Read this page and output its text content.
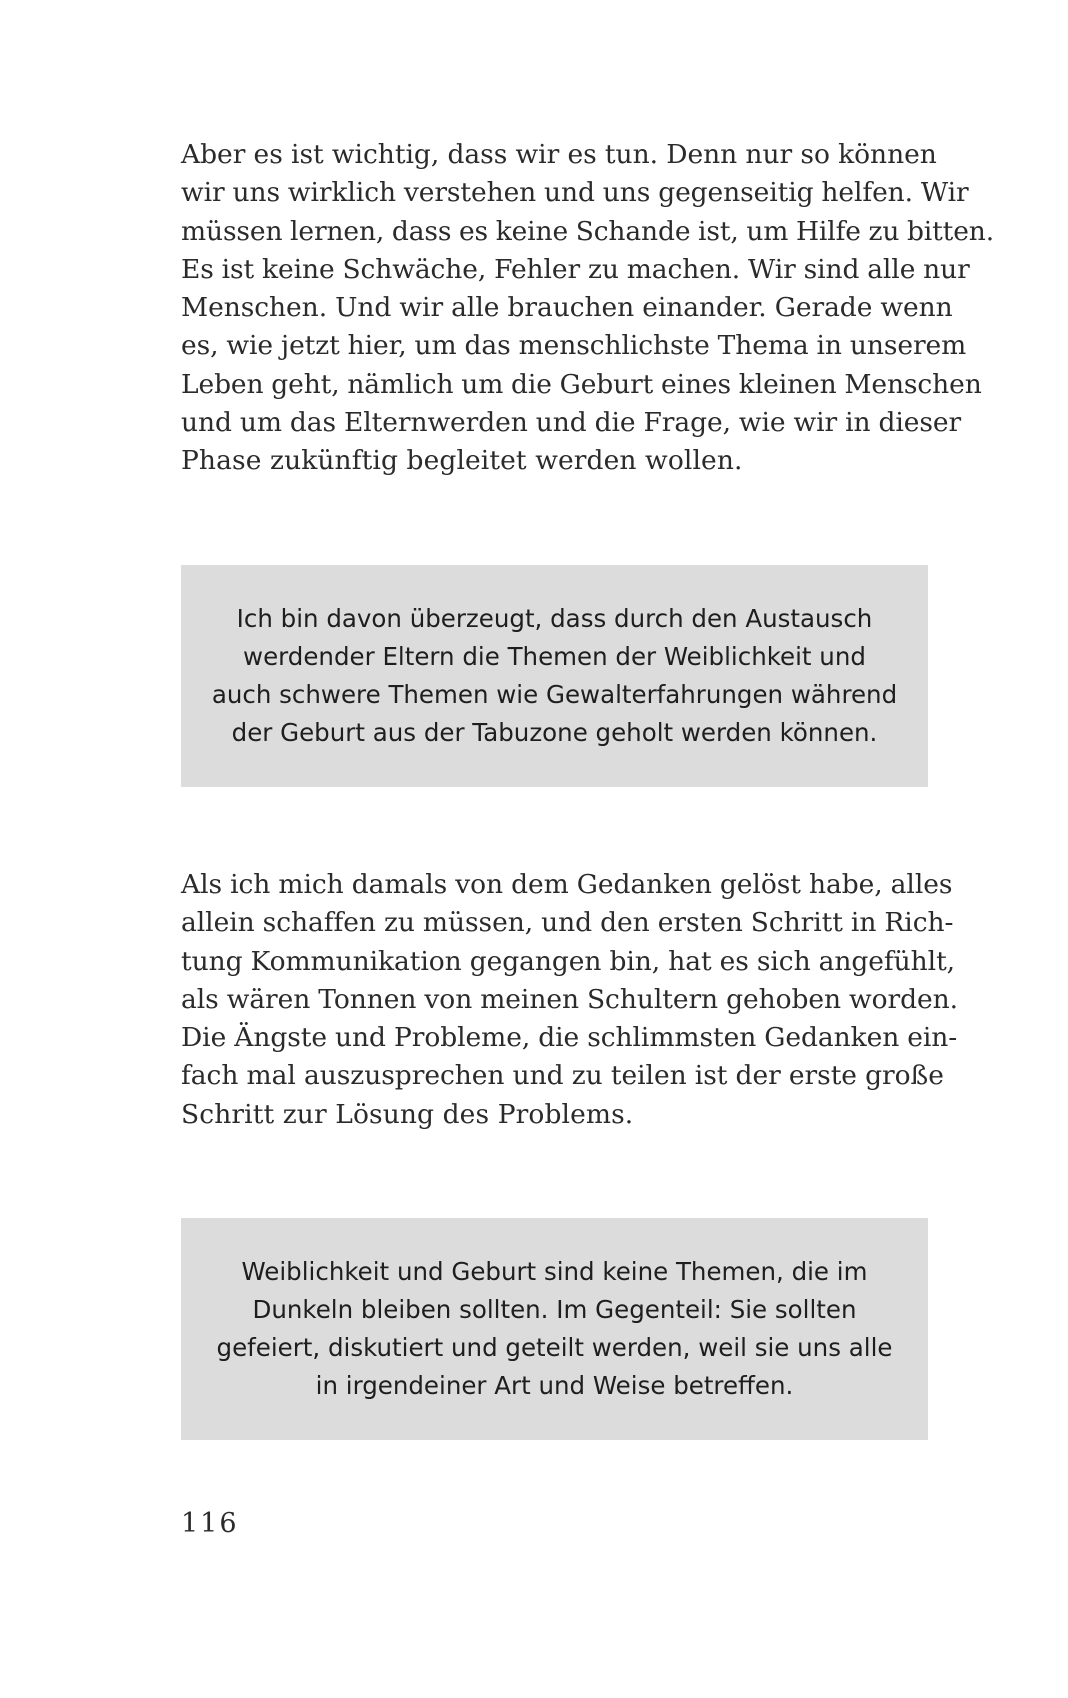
Aber es ist wichtig, dass wir es tun. Denn nur so können
wir uns wirklich verstehen und uns gegenseitig helfen. Wir
müssen lernen, dass es keine Schande ist, um Hilfe zu bitten.
Es ist keine Schwäche, Fehler zu machen. Wir sind alle nur
Menschen. Und wir alle brauchen einander. Gerade wenn
es, wie jetzt hier, um das menschlichste Thema in unserem
Leben geht, nämlich um die Geburt eines kleinen Menschen
und um das Elternwerden und die Frage, wie wir in dieser
Phase zukünftig begleitet werden wollen.

Ich bin davon überzeugt, dass durch den Austausch
werdender Eltern die Themen der Weiblichkeit und
auch schwere Themen wie Gewalterfahrungen während
der Geburt aus der Tabuzone geholt werden können.

Als ich mich damals von dem Gedanken gelöst habe, alles
allein schaffen zu müssen, und den ersten Schritt in Rich-
tung Kommunikation gegangen bin, hat es sich angefühlt,
als wären Tonnen von meinen Schultern gehoben worden.
Die Ängste und Probleme, die schlimmsten Gedanken ein-
fach mal auszusprechen und zu teilen ist der erste große
Schritt zur Lösung des Problems.

Weiblichkeit und Geburt sind keine Themen, die im
Dunkeln bleiben sollten. Im Gegenteil: Sie sollten
gefeiert, diskutiert und geteilt werden, weil sie uns alle
in irgendeiner Art und Weise betreffen.

116
